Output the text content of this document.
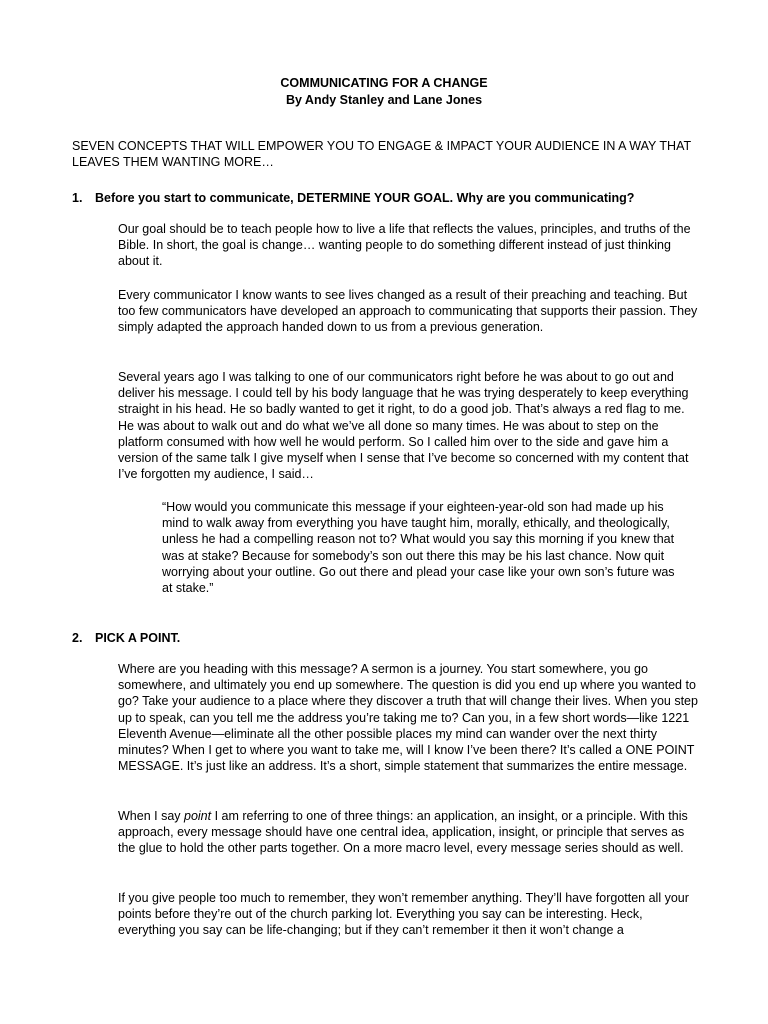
COMMUNICATING FOR A CHANGE
By Andy Stanley and Lane Jones
SEVEN CONCEPTS THAT WILL EMPOWER YOU TO ENGAGE & IMPACT YOUR AUDIENCE IN A WAY THAT LEAVES THEM WANTING MORE…
1. Before you start to communicate, DETERMINE YOUR GOAL. Why are you communicating?
Our goal should be to teach people how to live a life that reflects the values, principles, and truths of the Bible. In short, the goal is change… wanting people to do something different instead of just thinking about it.
Every communicator I know wants to see lives changed as a result of their preaching and teaching. But too few communicators have developed an approach to communicating that supports their passion. They simply adapted the approach handed down to us from a previous generation.
Several years ago I was talking to one of our communicators right before he was about to go out and deliver his message. I could tell by his body language that he was trying desperately to keep everything straight in his head. He so badly wanted to get it right, to do a good job. That’s always a red flag to me. He was about to walk out and do what we’ve all done so many times. He was about to step on the platform consumed with how well he would perform. So I called him over to the side and gave him a version of the same talk I give myself when I sense that I’ve become so concerned with my content that I’ve forgotten my audience, I said…
“How would you communicate this message if your eighteen-year-old son had made up his mind to walk away from everything you have taught him, morally, ethically, and theologically, unless he had a compelling reason not to? What would you say this morning if you knew that was at stake? Because for somebody’s son out there this may be his last chance. Now quit worrying about your outline. Go out there and plead your case like your own son’s future was at stake.”
2. PICK A POINT.
Where are you heading with this message? A sermon is a journey. You start somewhere, you go somewhere, and ultimately you end up somewhere. The question is did you end up where you wanted to go? Take your audience to a place where they discover a truth that will change their lives. When you step up to speak, can you tell me the address you’re taking me to? Can you, in a few short words—like 1221 Eleventh Avenue—eliminate all the other possible places my mind can wander over the next thirty minutes? When I get to where you want to take me, will I know I’ve been there? It’s called a ONE POINT MESSAGE. It’s just like an address. It’s a short, simple statement that summarizes the entire message.
When I say point I am referring to one of three things: an application, an insight, or a principle. With this approach, every message should have one central idea, application, insight, or principle that serves as the glue to hold the other parts together. On a more macro level, every message series should as well.
If you give people too much to remember, they won’t remember anything. They’ll have forgotten all your points before they’re out of the church parking lot. Everything you say can be interesting. Heck, everything you say can be life-changing; but if they can’t remember it then it won’t change a
